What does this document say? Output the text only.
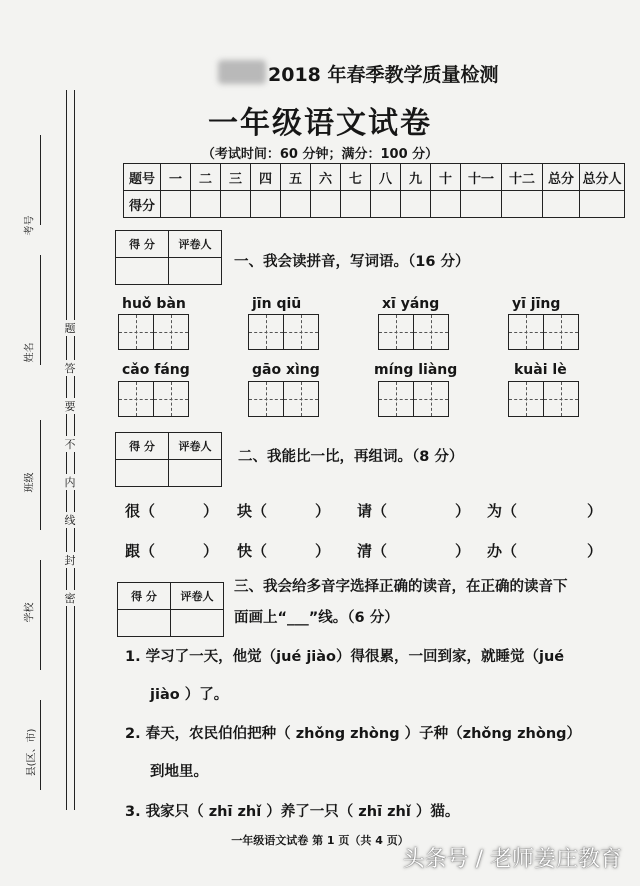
考号
姓名
班级
学校
县(区、市)
题
答
要
不
内
线
封
密
2018 年春季教学质量检测
一年级语文试卷
（考试时间：60 分钟；满分：100 分）
题号	一	二	三	四	五	六	七	八	九	十	十一	十二	总分	总分人
得分														
得 分	评卷人

一、我会读拼音，写词语。（16 分）
huǒ bàn	jīn qiū	xī yáng	yī jīng
cǎo fáng	gāo xìng	míng liàng	kuài lè
得 分	评卷人

二、我能比一比，再组词。（8 分）
很（	） 块（	） 请（	） 为（	）
跟（	） 快（	） 清（	） 办（	）
得 分	评卷人

三、我会给多音字选择正确的读音，在正确的读音下
面画上“___”线。（6 分）
1. 学习了一天，他觉（jué jiào）得很累，一回到家，就睡觉（jué
jiào ）了。
2. 春天，农民伯伯把种（ zhǒng zhòng ）子种（zhǒng zhòng）
到地里。
3. 我家只（ zhī zhǐ ）养了一只（ zhī zhǐ ）猫。
一年级语文试卷 第 1 页（共 4 页）
头条号 / 老师姜庄教育
